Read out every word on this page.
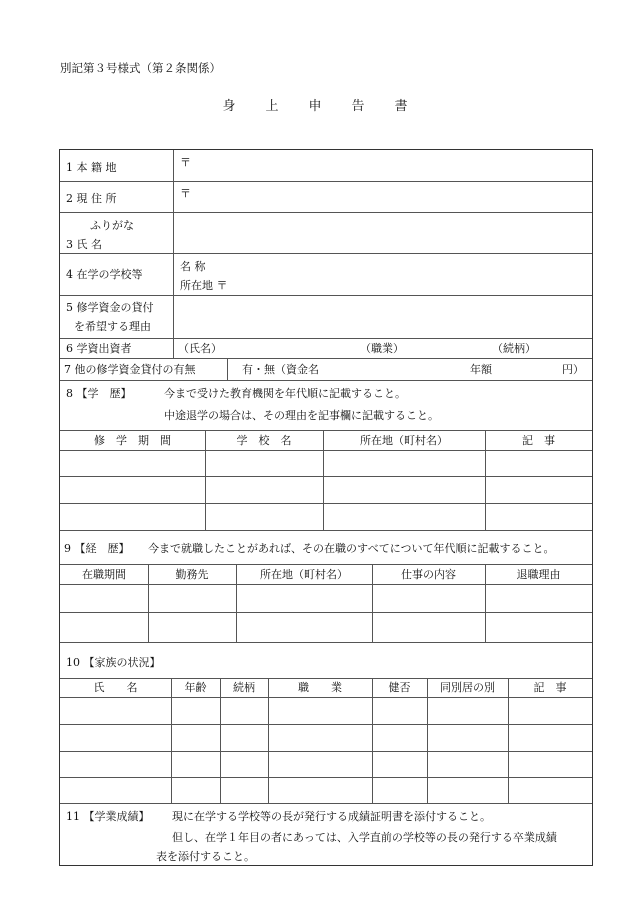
別記第３号様式（第２条関係）
身上申告書
1 本 籍 地	〒
2 現 住 所	〒
ふりがな
3 氏 名
4 在学の学校等
名 称
所在地 〒
5 修学資金の貸付
を希望する理由
6 学資出資者	（氏名）	（職業）	（続柄）
7 他の修学資金貸付の有無	有・無（資金名	年額	円）
8 【学　歴】	今まで受けた教育機関を年代順に記載すること。
中途退学の場合は、その理由を記事欄に記載すること。
修　学　期　間	学　校　名	所在地（町村名）	記　事
9 【経　歴】 今まで就職したことがあれば、その在職のすべてについて年代順に記載すること。
在職期間	勤務先	所在地（町村名）	仕事の内容	退職理由
10 【家族の状況】
氏　　名	年齢	続柄	職　　業	健否	同別居の別	記　事
11 【学業成績】 現に在学する学校等の長が発行する成績証明書を添付すること。
但し、在学１年目の者にあっては、入学直前の学校等の長の発行する卒業成績
表を添付すること。
